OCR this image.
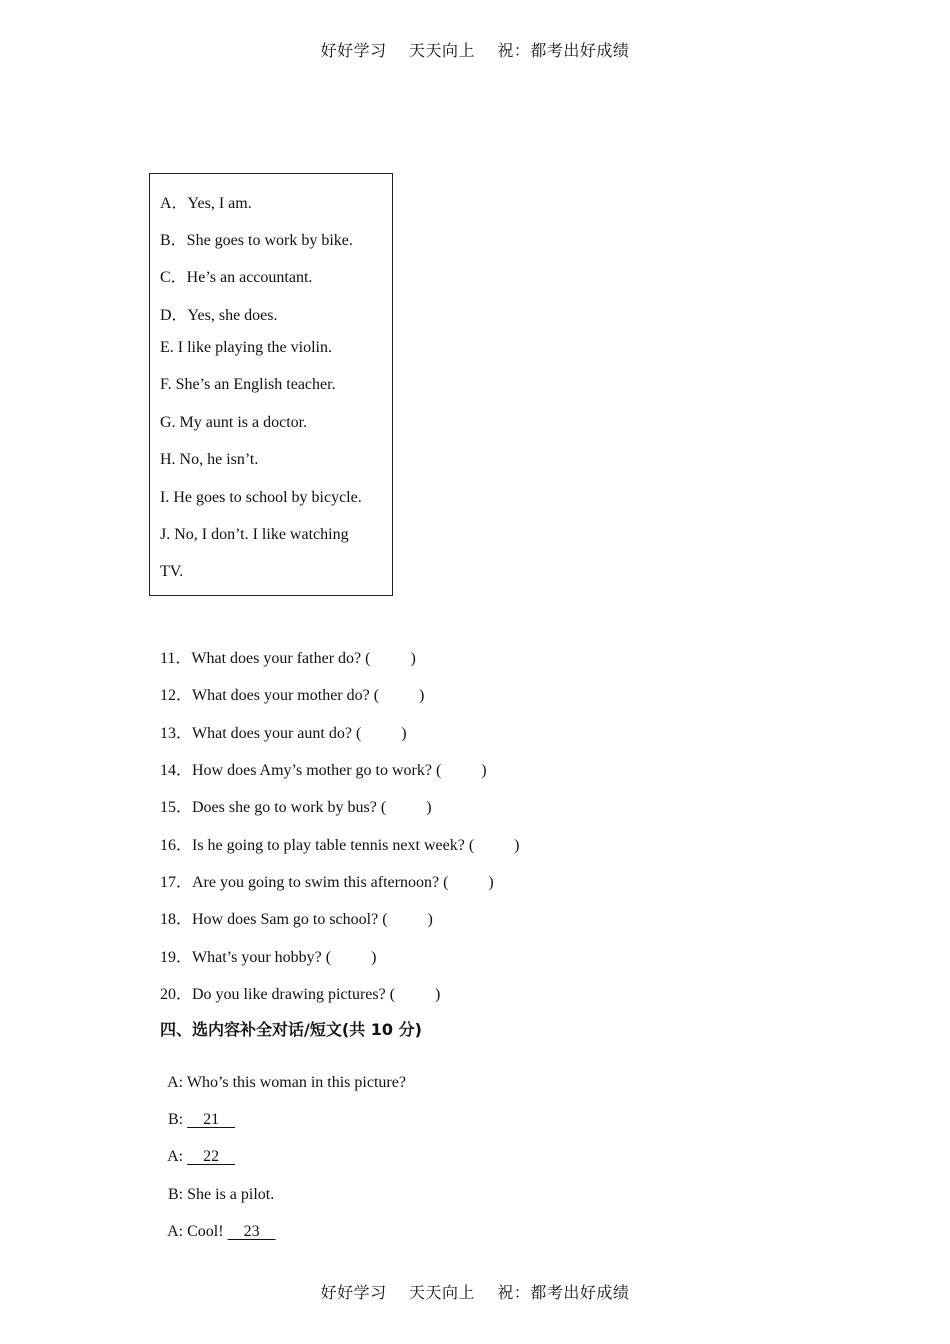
好好学习    天天向上    祝：都考出好成绩
A．Yes, I am.
B．She goes to work by bike.
C．He’s an accountant.
D．Yes, she does.
E. I like playing the violin.
F. She’s an English teacher.
G. My aunt is a doctor.
H. No, he isn’t.
I. He goes to school by bicycle.
J. No, I don’t. I like watching
TV.
11．What does your father do? (          )
12．What does your mother do? (          )
13．What does your aunt do? (          )
14．How does Amy’s mother go to work? (          )
15．Does she go to work by bus? (          )
16．Is he going to play table tennis next week? (          )
17．Are you going to swim this afternoon? (          )
18．How does Sam go to school? (          )
19．What’s your hobby? (          )
20．Do you like drawing pictures? (          )
四、选内容补全对话/短文(共 10 分)

A: Who’s this woman in this picture?

B:     21

A:     22

B: She is a pilot.

A: Cool!     23

好好学习    天天向上    祝：都考出好成绩
